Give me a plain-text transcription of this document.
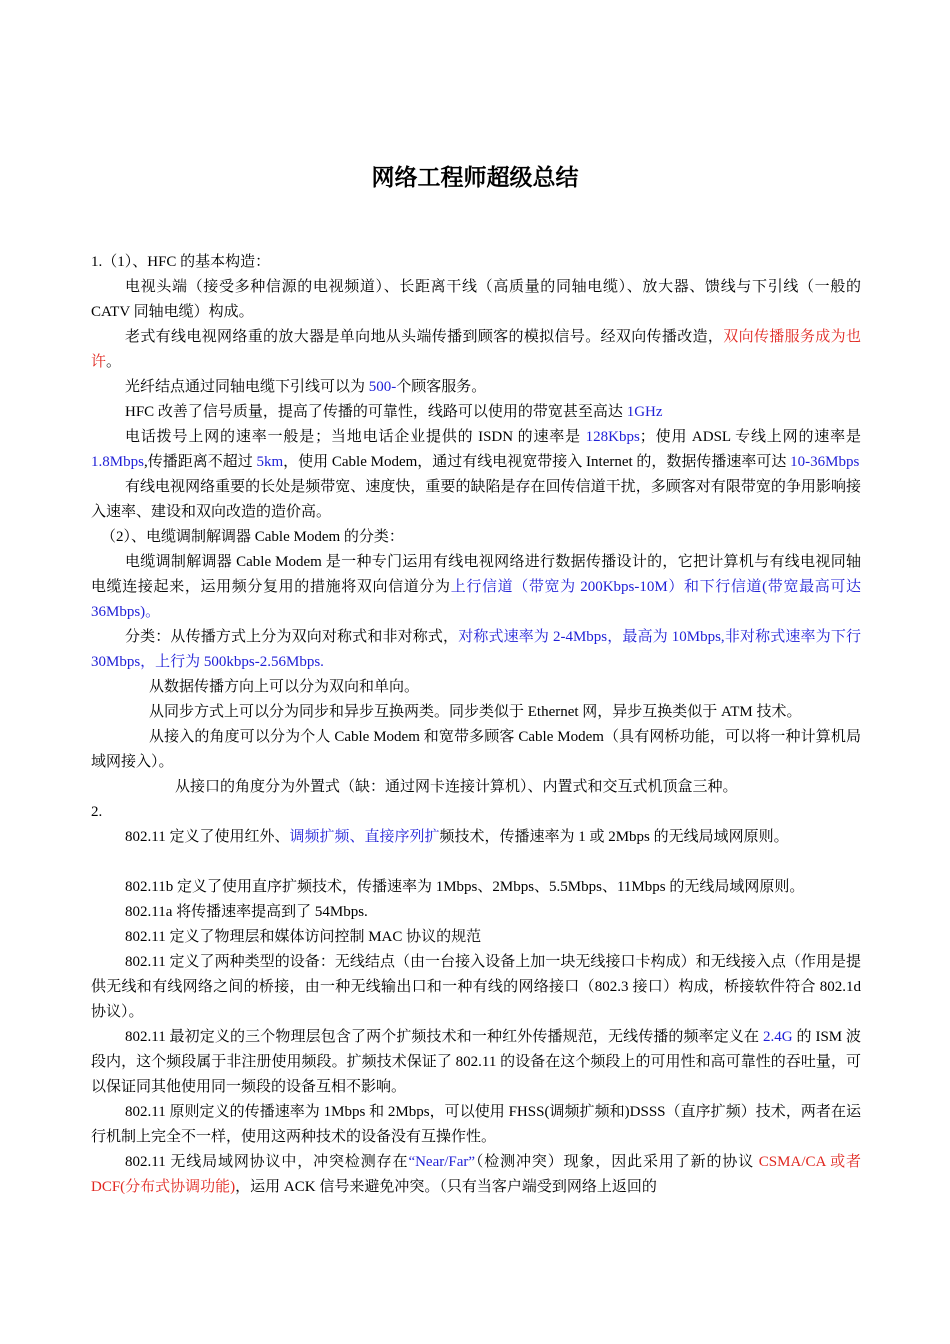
网络工程师超级总结

1.（1）、HFC 的基本构造：

电视头端（接受多种信源的电视频道）、长距离干线（高质量的同轴电缆）、放大器、馈线与下引线（一般的 CATV 同轴电缆）构成。

老式有线电视网络重的放大器是单向地从头端传播到顾客的模拟信号。经双向传播改造，双向传播服务成为也许。

光纤结点通过同轴电缆下引线可以为 500-个顾客服务。

HFC 改善了信号质量，提高了传播的可靠性，线路可以使用的带宽甚至高达 1GHz

电话拨号上网的速率一般是；当地电话企业提供的 ISDN 的速率是 128Kbps；使用 ADSL 专线上网的速率是 1.8Mbps,传播距离不超过 5km，使用 Cable Modem，通过有线电视宽带接入 Internet 的，数据传播速率可达 10-36Mbps

有线电视网络重要的长处是频带宽、速度快，重要的缺陷是存在回传信道干扰，多顾客对有限带宽的争用影响接入速率、建设和双向改造的造价高。

（2）、电缆调制解调器 Cable Modem 的分类：

电缆调制解调器 Cable Modem 是一种专门运用有线电视网络进行数据传播设计的，它把计算机与有线电视同轴电缆连接起来，运用频分复用的措施将双向信道分为上行信道（带宽为 200Kbps-10M）和下行信道(带宽最高可达 36Mbps)。

分类：从传播方式上分为双向对称式和非对称式，对称式速率为 2-4Mbps，最高为 10Mbps,非对称式速率为下行 30Mbps，上行为 500kbps-2.56Mbps.

从数据传播方向上可以分为双向和单向。

从同步方式上可以分为同步和异步互换两类。同步类似于 Ethernet 网，异步互换类似于 ATM 技术。

从接入的角度可以分为个人 Cable Modem 和宽带多顾客 Cable Modem（具有网桥功能，可以将一种计算机局域网接入）。

从接口的角度分为外置式（缺：通过网卡连接计算机）、内置式和交互式机顶盒三种。

2.

802.11 定义了使用红外、调频扩频、直接序列扩频技术，传播速率为 1 或 2Mbps 的无线局域网原则。

802.11b 定义了使用直序扩频技术，传播速率为 1Mbps、2Mbps、5.5Mbps、11Mbps 的无线局域网原则。

802.11a 将传播速率提高到了 54Mbps.

802.11 定义了物理层和媒体访问控制 MAC 协议的规范

802.11 定义了两种类型的设备：无线结点（由一台接入设备上加一块无线接口卡构成）和无线接入点（作用是提供无线和有线网络之间的桥接，由一种无线输出口和一种有线的网络接口（802.3 接口）构成，桥接软件符合 802.1d 协议）。

802.11 最初定义的三个物理层包含了两个扩频技术和一种红外传播规范，无线传播的频率定义在 2.4G 的 ISM 波段内，这个频段属于非注册使用频段。扩频技术保证了 802.11 的设备在这个频段上的可用性和高可靠性的吞吐量，可以保证同其他使用同一频段的设备互相不影响。

802.11 原则定义的传播速率为 1Mbps 和 2Mbps，可以使用 FHSS(调频扩频和)DSSS（直序扩频）技术，两者在运行机制上完全不一样，使用这两种技术的设备没有互操作性。

802.11 无线局域网协议中，冲突检测存在“Near/Far”（检测冲突）现象，因此采用了新的协议 CSMA/CA 或者 DCF(分布式协调功能)，运用 ACK 信号来避免冲突。（只有当客户端受到网络上返回的
